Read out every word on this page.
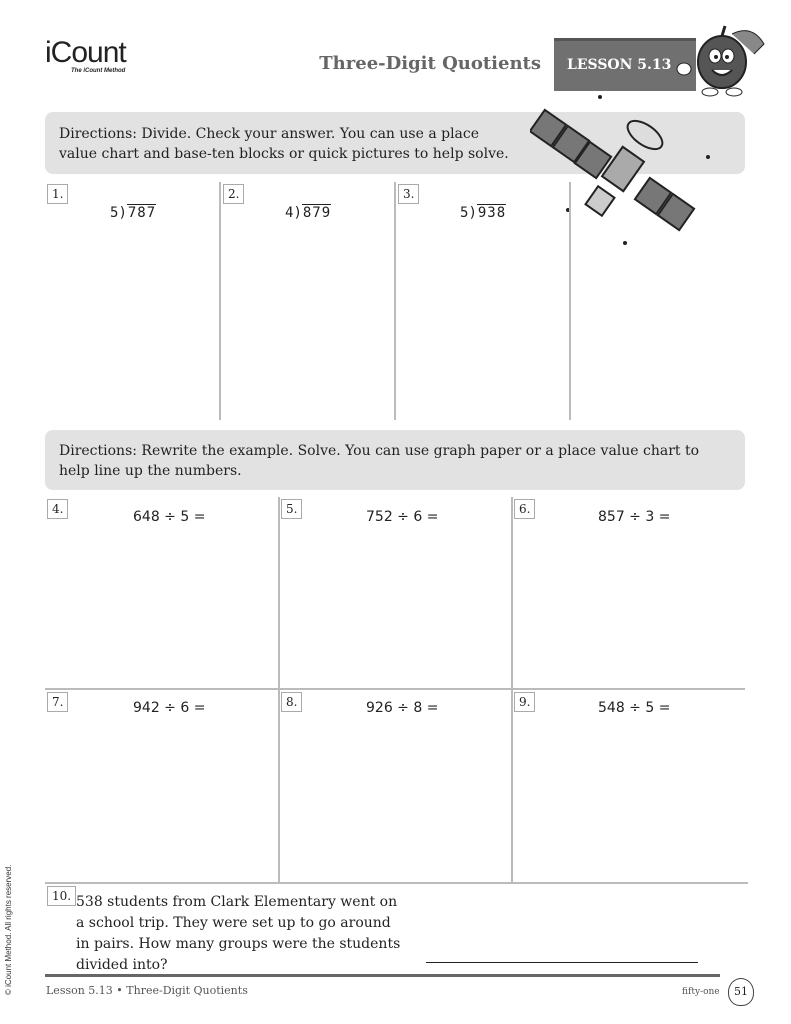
iCount
The iCount Method	Three-Digit Quotients LESSON 5.13
Directions: Divide. Check your answer. You can use a place value chart and base-ten blocks or quick pictures to help solve.
1.
5)787
2.
4)879
3.
5)938
Directions: Rewrite the example. Solve. You can use graph paper or a place value chart to help line up the numbers.
4.	648 ÷ 5 =	5.	752 ÷ 6 =	6.	857 ÷ 3 =
7.	942 ÷ 6 =	8.	926 ÷ 8 =	9.	548 ÷ 5 =
10. 538 students from Clark Elementary went on a school trip. They were set up to go around in pairs. How many groups were the students divided into?
Lesson 5.13 • Three-Digit Quotients	fifty-one	51
© iCount Method. All rights reserved.
